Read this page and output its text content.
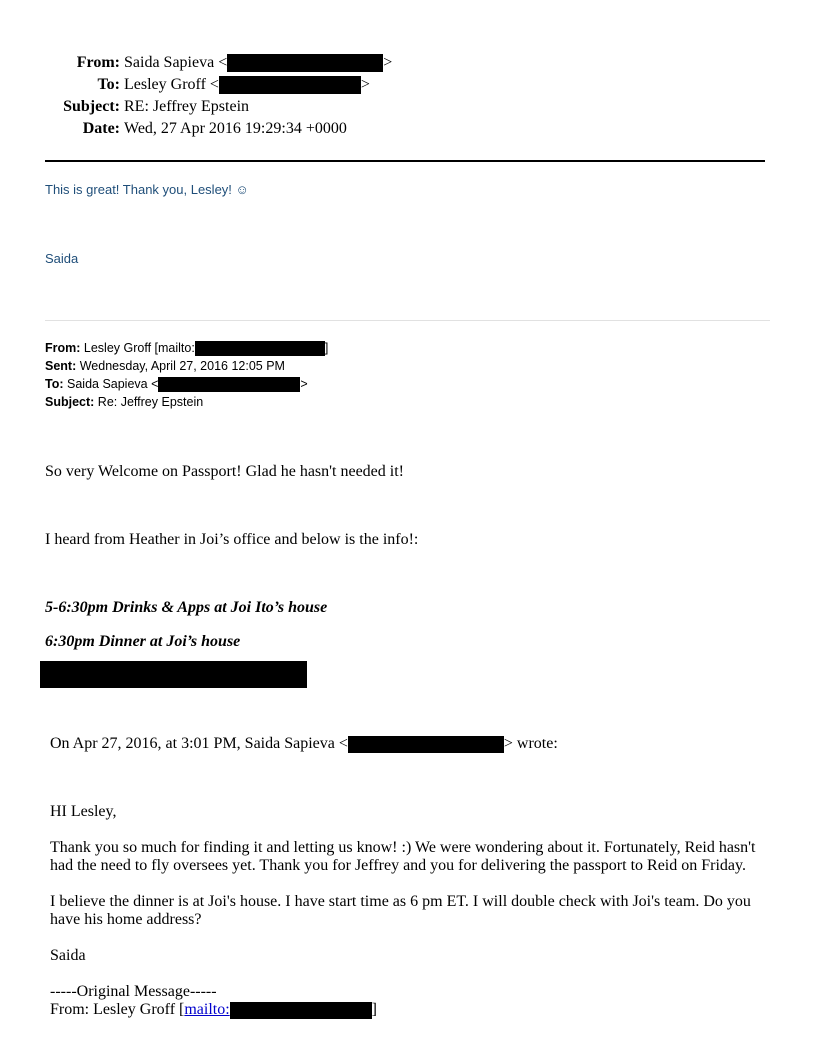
From: Saida Sapieva <	>
To: Lesley Groff <	>
Subject: RE: Jeffrey Epstein
Date: Wed, 27 Apr 2016 19:29:34 +0000
This is great! Thank you, Lesley! ☺
Saida
From: Lesley Groff [mailto:	]
Sent: Wednesday, April 27, 2016 12:05 PM
To: Saida Sapieva <	>
Subject: Re: Jeffrey Epstein
So very Welcome on Passport! Glad he hasn't needed it!
I heard from Heather in Joi’s office and below is the info!:
5-6:30pm Drinks & Apps at Joi Ito’s house
6:30pm Dinner at Joi’s house
On Apr 27, 2016, at 3:01 PM, Saida Sapieva <	> wrote:
HI Lesley,
Thank you so much for finding it and letting us know! :) We were wondering about it. Fortunately, Reid hasn't had the need to fly oversees yet. Thank you for Jeffrey and you for delivering the passport to Reid on Friday.
I believe the dinner is at Joi's house. I have start time as 6 pm ET. I will double check with Joi's team. Do you have his home address?
Saida
-----Original Message-----
From: Lesley Groff [mailto:	]
